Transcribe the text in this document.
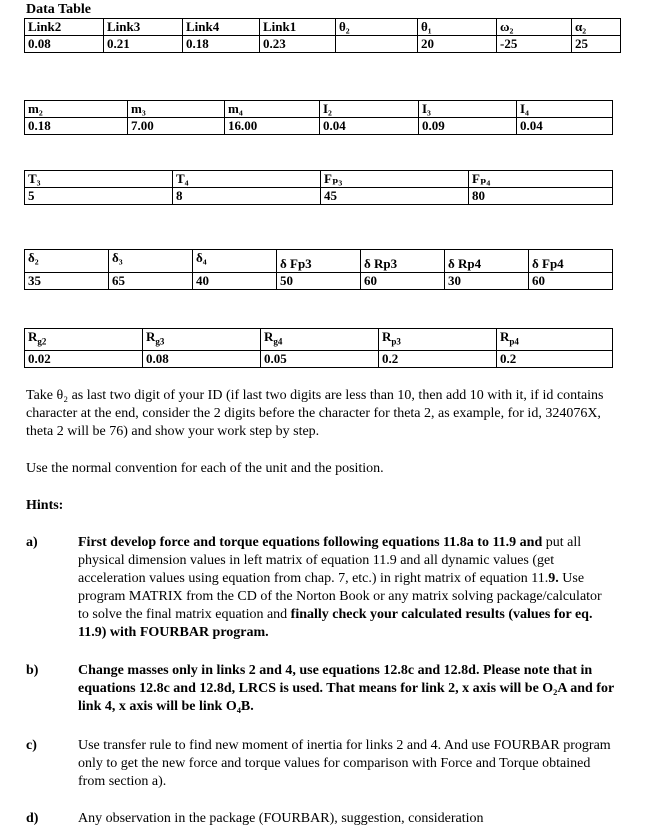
Data Table
Link2	Link3	Link4	Link1	θ₂	θ₁	ω₂	α₂
0.08	0.21	0.18	0.23		20	-25	25
m₂	m₃	m₄	I₂	I₃	I₄
0.18	7.00	16.00	0.04	0.09	0.04
T₃	T₄	Fₚ₃	Fₚ₄
5	8	45	80
δ₂	δ₃	δ₄	δ Fp3	δ Rp3	δ Rp4	δ Fp4
35	65	40	50	60	30	60
$R_{g2}$	$R_{g3}$	$R_{g4}$	$R_{p3}$	$R_{p4}$
0.02	0.08	0.05	0.2	0.2
Take θ₂ as last two digit of your ID (if last two digits are less than 10, then add 10 with it, if id contains character at the end, consider the 2 digits before the character for theta 2, as example, for id, 324076X, theta 2 will be 76) and show your work step by step.
Use the normal convention for each of the unit and the position.
Hints:
a)	First develop force and torque equations following equations 11.8a to 11.9 and put all physical dimension values in left matrix of equation 11.9 and all dynamic values (get acceleration values using equation from chap. 7, etc.) in right matrix of equation 11.9. Use program MATRIX from the CD of the Norton Book or any matrix solving package/calculator to solve the final matrix equation and finally check your calculated results (values for eq. 11.9) with FOURBAR program.
b)	Change masses only in links 2 and 4, use equations 12.8c and 12.8d. Please note that in equations 12.8c and 12.8d, LRCS is used. That means for link 2, x axis will be O₂A and for link 4, x axis will be link O₄B.
c)	Use transfer rule to find new moment of inertia for links 2 and 4. And use FOURBAR program only to get the new force and torque values for comparison with Force and Torque obtained from section a).
d)	Any observation in the package (FOURBAR), suggestion, consideration
